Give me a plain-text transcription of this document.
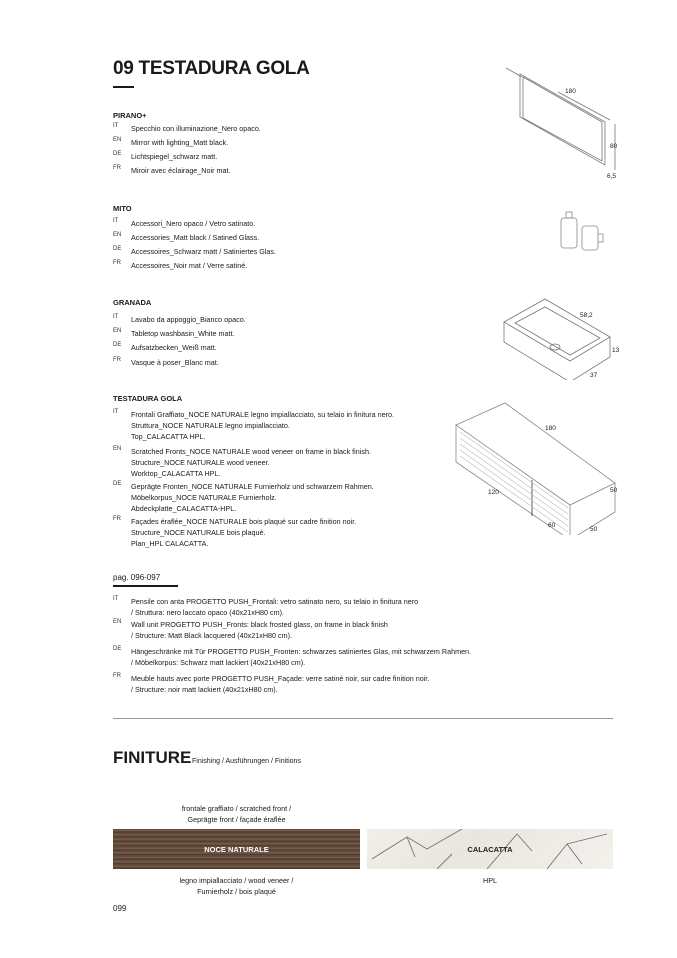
09 TESTADURA GOLA
PIRANO+
IT Specchio con illuminazione_Nero opaco.
EN Mirror with lighting_Matt black.
DE Lichtspiegel_schwarz matt.
FR Miroir avec éclairage_Noir mat.
MITO
IT Accessori_Nero opaco / Vetro satinato.
EN Accessories_Matt black / Satined Glass.
DE Accessoires_Schwarz matt / Satiniertes Glas.
FR Accessoires_Noir mat / Verre satiné.
GRANADA
IT Lavabo da appoggio_Bianco opaco.
EN Tabletop washbasin_White matt.
DE Aufsatzbecken_Weiß matt.
FR Vasque à poser_Blanc mat.
TESTADURA GOLA
IT Frontali Graffiato_NOCE NATURALE legno impiallacciato, su telaio in finitura nero.
Struttura_NOCE NATURALE legno impiallacciato.
Top_CALACATTA HPL.
EN Scratched Fronts_NOCE NATURALE wood veneer on frame in black finish.
Structure_NOCE NATURALE wood veneer.
Worktop_CALACATTA HPL.
DE Geprägte Fronten_NOCE NATURALE Furnierholz und schwarzem Rahmen.
Möbelkorpus_NOCE NATURALE Furnierholz.
Abdeckplatte_CALACATTA-HPL.
FR Façades éraflée_NOCE NATURALE bois plaqué sur cadre finition noir.
Structure_NOCE NATURALE bois plaqué.
Plan_HPL CALACATTA.
pag. 096-097
IT Pensile con anta PROGETTO PUSH_Frontali: vetro satinato nero, su telaio in finitura nero
/ Struttura: nero laccato opaco (40x21xH80 cm).
EN Wall unit PROGETTO PUSH_Fronts: black frosted glass, on frame in black finish
/ Structure: Matt Black lacquered (40x21xH80 cm).
DE Hängeschränke mit Tür PROGETTO PUSH_Fronten: schwarzes satiniertes Glas, mit schwarzem Rahmen.
/ Möbelkorpus: Schwarz matt lackiert (40x21xH80 cm).
FR Meuble hauts avec porte PROGETTO PUSH_Façade: verre satiné noir, sur cadre finition noir.
/ Structure: noir matt lackiert (40x21xH80 cm).
180
80
6,5
58,2
13
37
180
50
50
120
60
FINITURE Finishing / Ausführungen / Finitions
frontale graffiato / scratched front /
Geprägte front / façade éraflée
NOCE NATURALE	CALACATTA
legno impiallacciato / wood veneer /
Furnierholz / bois plaqué
HPL
099
